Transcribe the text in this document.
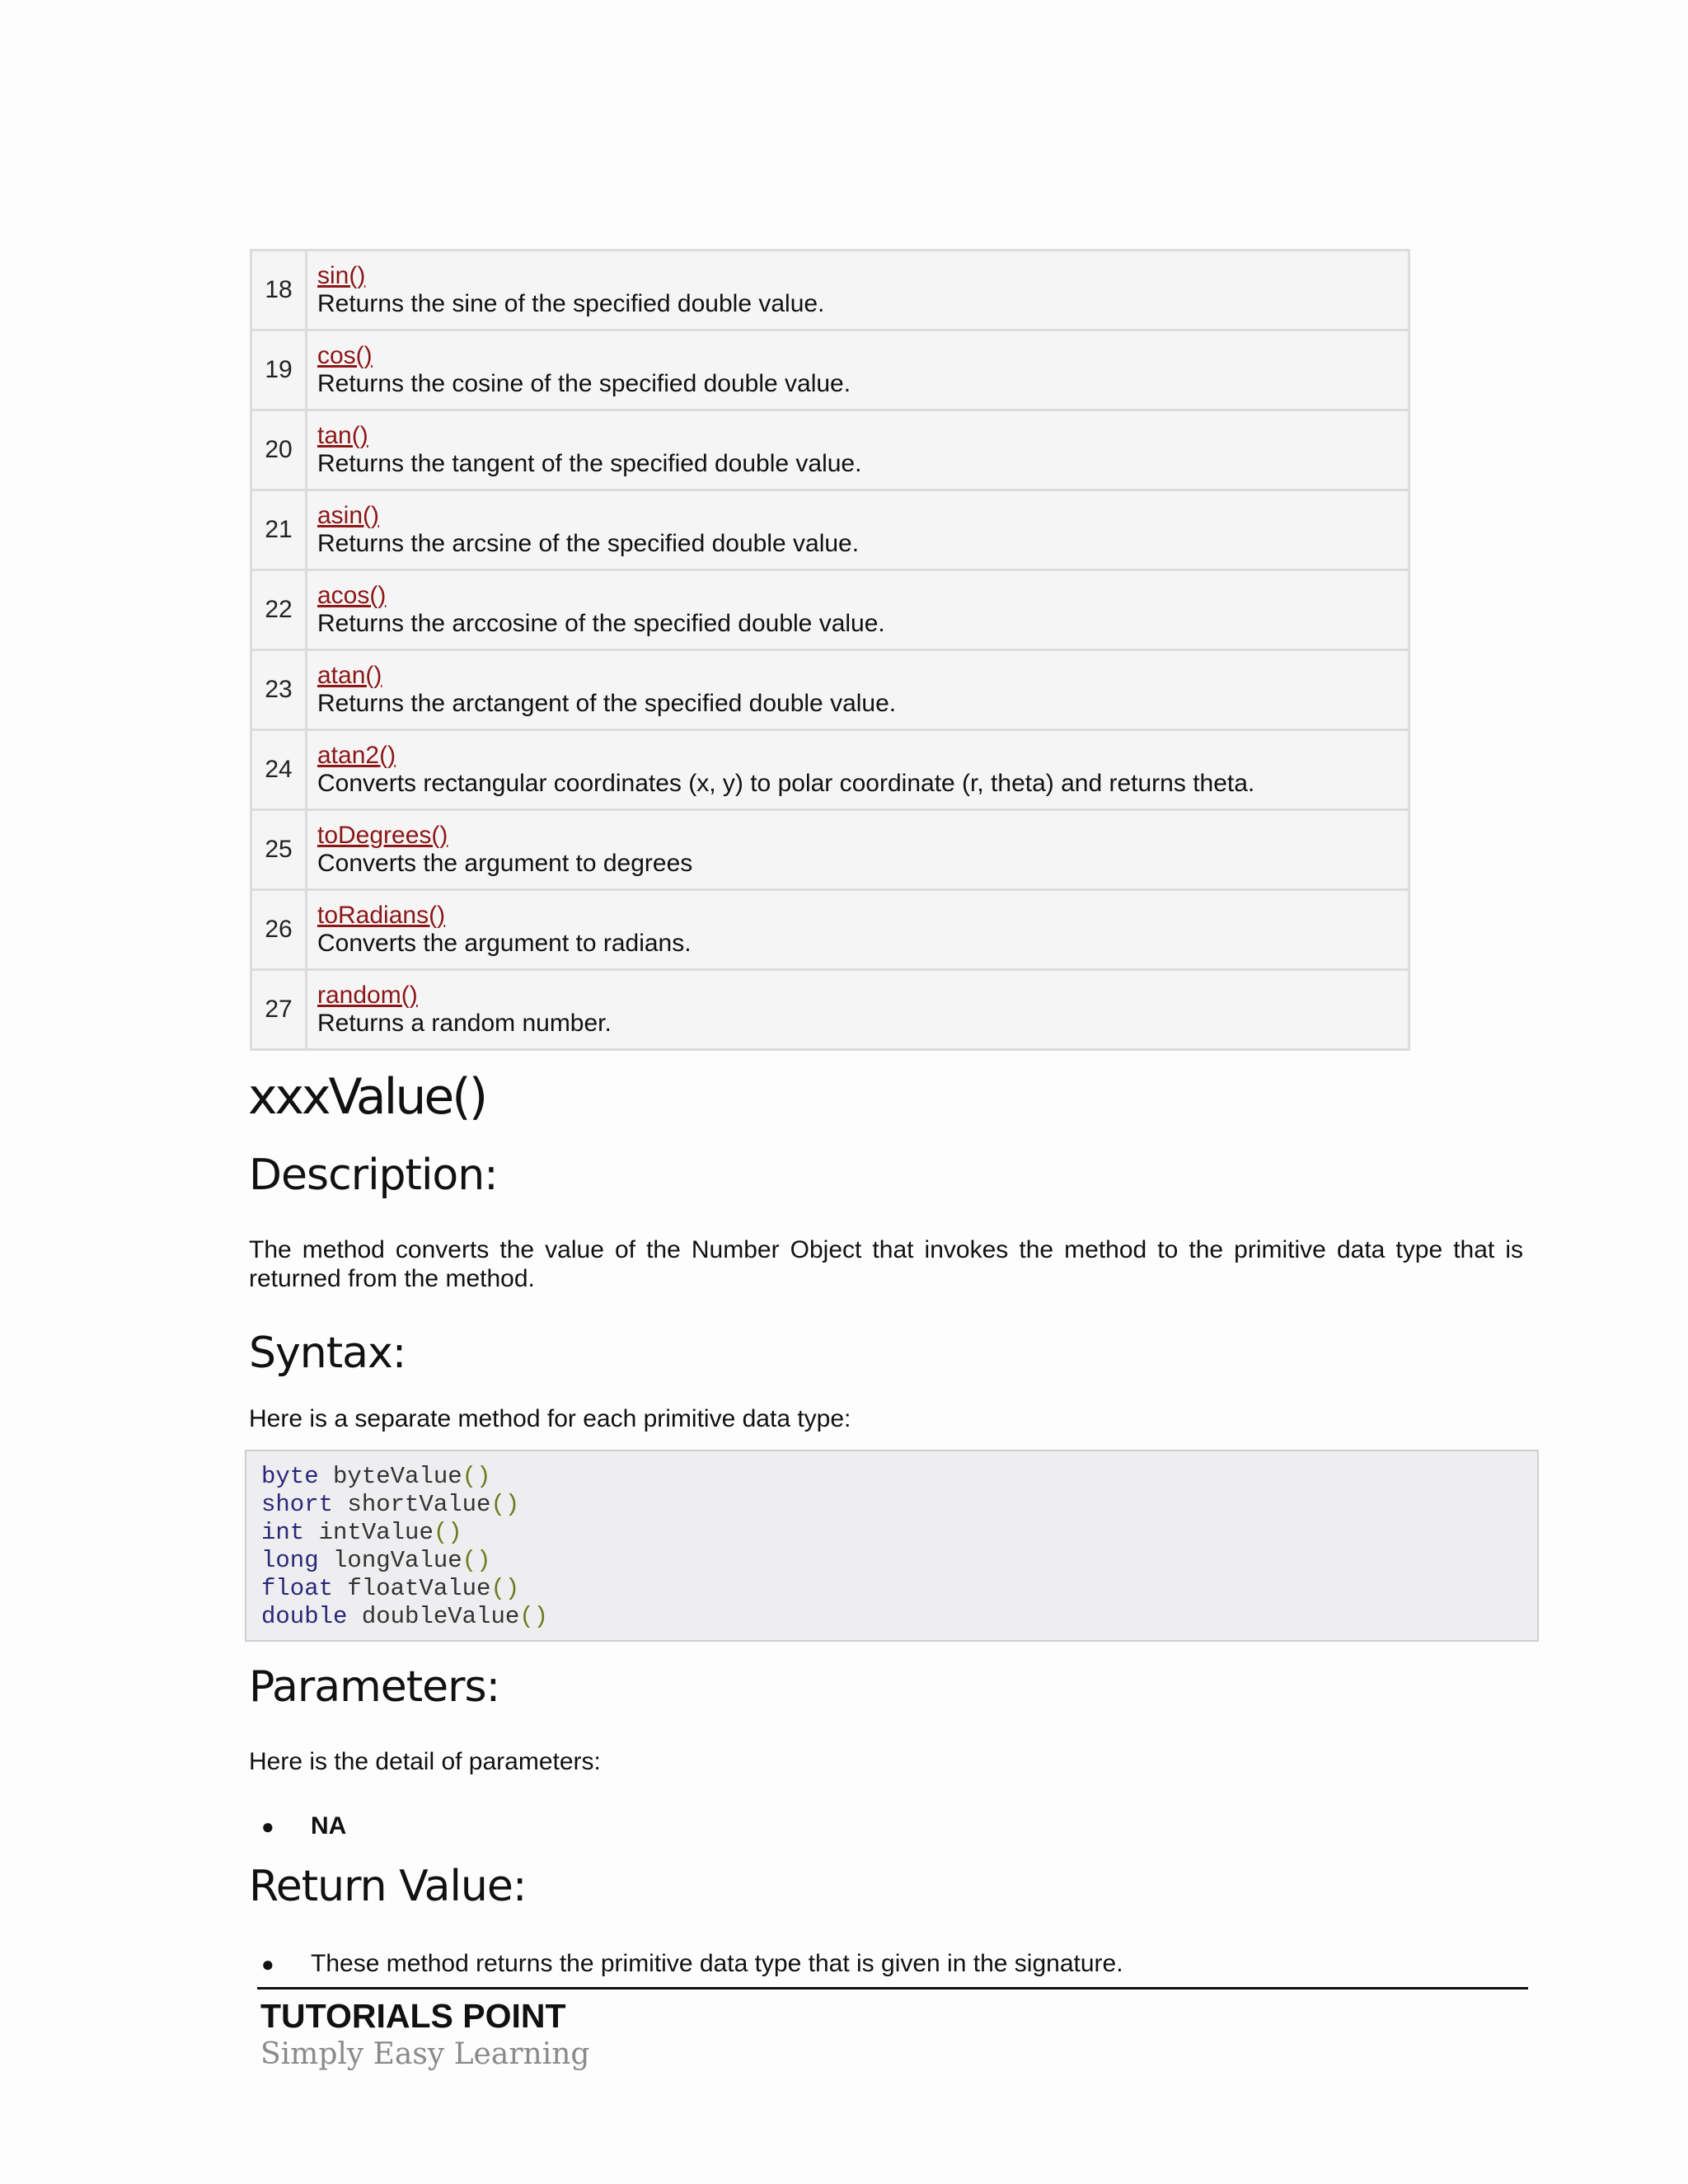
18	sin()
Returns the sine of the specified double value.

19	cos()
Returns the cosine of the specified double value.

20	tan()
Returns the tangent of the specified double value.

21	asin()
Returns the arcsine of the specified double value.

22	acos()
Returns the arccosine of the specified double value.

23	atan()
Returns the arctangent of the specified double value.

24	atan2()
Converts rectangular coordinates (x, y) to polar coordinate (r, theta) and returns theta.

25	toDegrees()
Converts the argument to degrees

26	toRadians()
Converts the argument to radians.

27	random()
Returns a random number.
xxxValue()
Description:

The method converts the value of the Number Object that invokes the method to the primitive data type that is returned from the method.

Syntax:

Here is a separate method for each primitive data type:

byte byteValue()
short shortValue()
int intValue()
long longValue()
float floatValue()
double doubleValue()
Parameters:

Here is the detail of parameters:

● NA

Return Value:

● These method returns the primitive data type that is given in the signature.

TUTORIALS POINT

Simply Easy Learning
